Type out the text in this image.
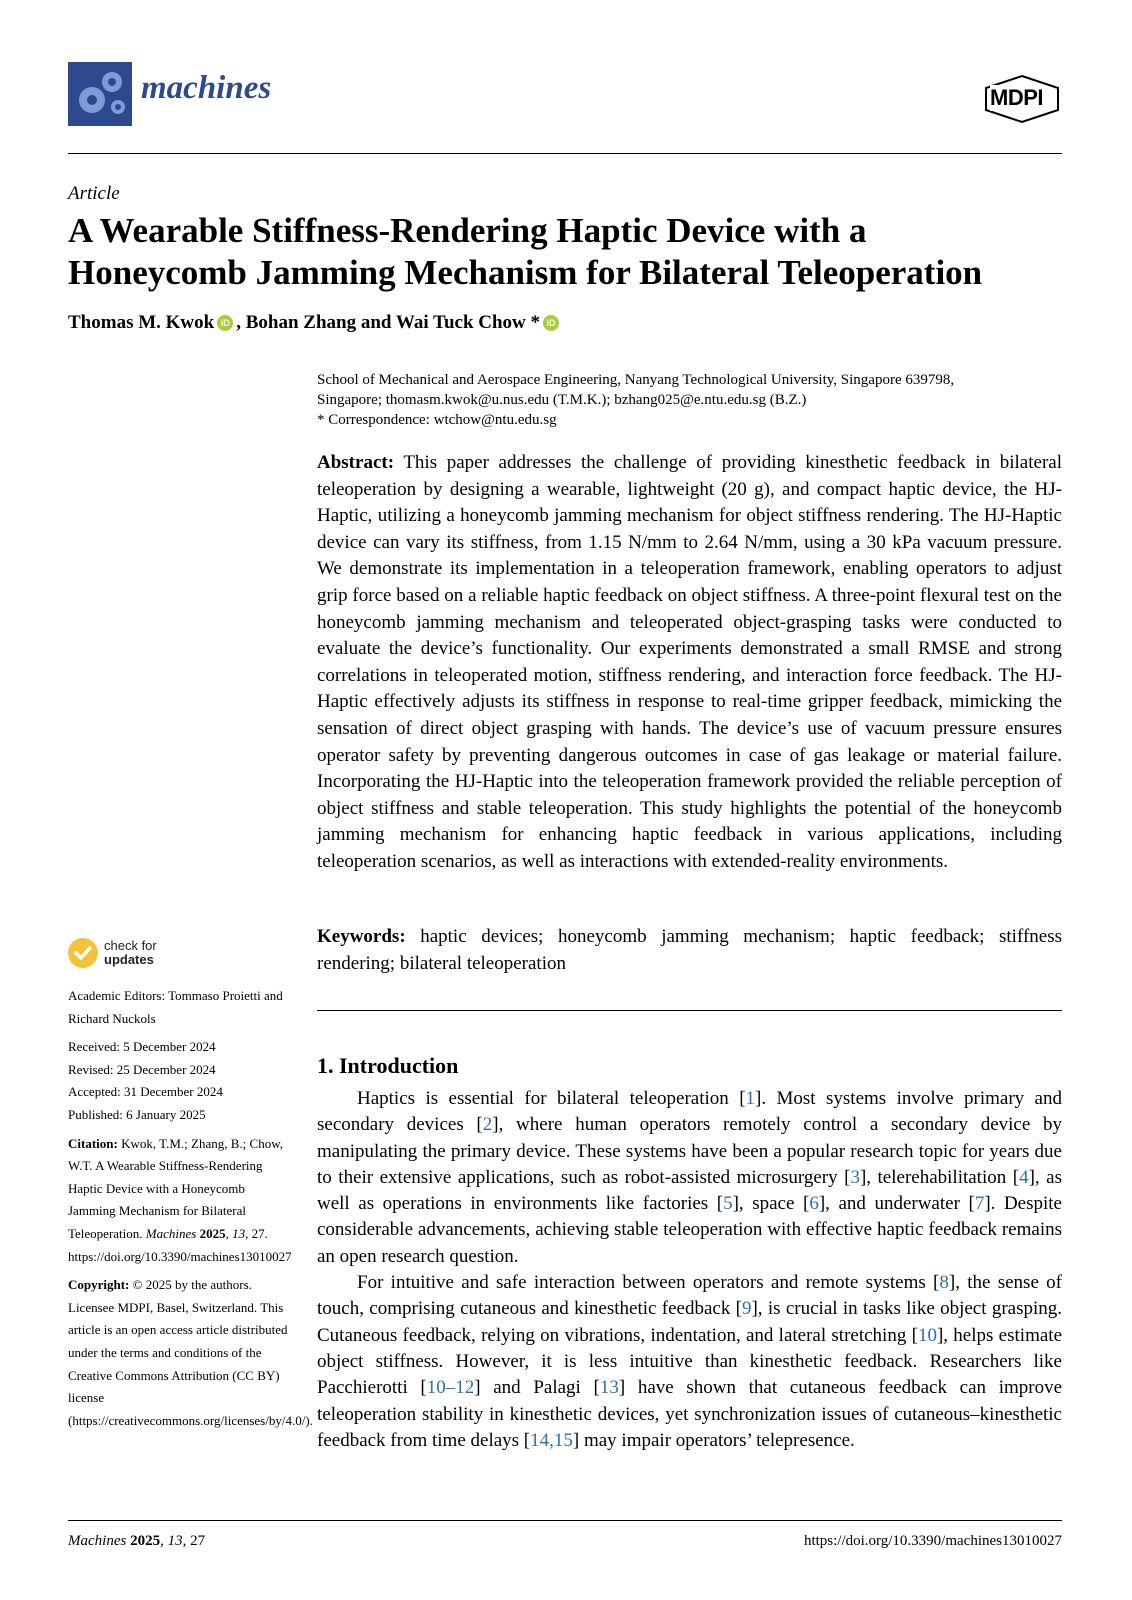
machines	MDPI
Article
A Wearable Stiffness-Rendering Haptic Device with a
Honeycomb Jamming Mechanism for Bilateral Teleoperation
Thomas M. Kwok iD , Bohan Zhang and Wai Tuck Chow * iD
School of Mechanical and Aerospace Engineering, Nanyang Technological University, Singapore 639798,
Singapore; thomasm.kwok@u.nus.edu (T.M.K.); bzhang025@e.ntu.edu.sg (B.Z.)
* Correspondence: wtchow@ntu.edu.sg
Abstract: This paper addresses the challenge of providing kinesthetic feedback in bilateral teleoperation by designing a wearable, lightweight (20 g), and compact haptic device, the HJ-Haptic, utilizing a honeycomb jamming mechanism for object stiffness rendering. The HJ-Haptic device can vary its stiffness, from 1.15 N/mm to 2.64 N/mm, using a 30 kPa vacuum pressure. We demonstrate its implementation in a teleoperation framework, enabling operators to adjust grip force based on a reliable haptic feedback on object stiffness. A three-point flexural test on the honeycomb jamming mechanism and teleoperated object-grasping tasks were conducted to evaluate the device’s functionality. Our experiments demonstrated a small RMSE and strong correlations in teleoperated motion, stiffness rendering, and interaction force feedback. The HJ-Haptic effectively adjusts its stiffness in response to real-time gripper feedback, mimicking the sensation of direct object grasping with hands. The device’s use of vacuum pressure ensures operator safety by preventing dangerous outcomes in case of gas leakage or material failure. Incorporating the HJ-Haptic into the teleoperation framework provided the reliable perception of object stiffness and stable teleoperation. This study highlights the potential of the honeycomb jamming mechanism for enhancing haptic feedback in various applications, including teleoperation scenarios, as well as interactions with extended-reality environments.
Keywords: haptic devices; honeycomb jamming mechanism; haptic feedback; stiffness rendering; bilateral teleoperation
1. Introduction

Haptics is essential for bilateral teleoperation [1]. Most systems involve primary and secondary devices [2], where human operators remotely control a secondary device by manipulating the primary device. These systems have been a popular research topic for years due to their extensive applications, such as robot-assisted microsurgery [3], telerehabilitation [4], as well as operations in environments like factories [5], space [6], and underwater [7]. Despite considerable advancements, achieving stable teleoperation with effective haptic feedback remains an open research question.

For intuitive and safe interaction between operators and remote systems [8], the sense of touch, comprising cutaneous and kinesthetic feedback [9], is crucial in tasks like object grasping. Cutaneous feedback, relying on vibrations, indentation, and lateral stretching [10], helps estimate object stiffness. However, it is less intuitive than kinesthetic feedback. Researchers like Pacchierotti [10–12] and Palagi [13] have shown that cutaneous feedback can improve teleoperation stability in kinesthetic devices, yet synchronization issues of cutaneous–kinesthetic feedback from time delays [14,15] may impair operators’ telepresence.

check for
updates
Academic Editors: Tommaso Proietti and Richard Nuckols
Received: 5 December 2024
Revised: 25 December 2024
Accepted: 31 December 2024
Published: 6 January 2025
Citation: Kwok, T.M.; Zhang, B.; Chow, W.T. A Wearable Stiffness-Rendering Haptic Device with a Honeycomb Jamming Mechanism for Bilateral Teleoperation. Machines 2025, 13, 27. https://doi.org/10.3390/machines13010027
Copyright: © 2025 by the authors. Licensee MDPI, Basel, Switzerland. This article is an open access article distributed under the terms and conditions of the Creative Commons Attribution (CC BY) license (https://creativecommons.org/licenses/by/4.0/).
Machines 2025, 13, 27	https://doi.org/10.3390/machines13010027
